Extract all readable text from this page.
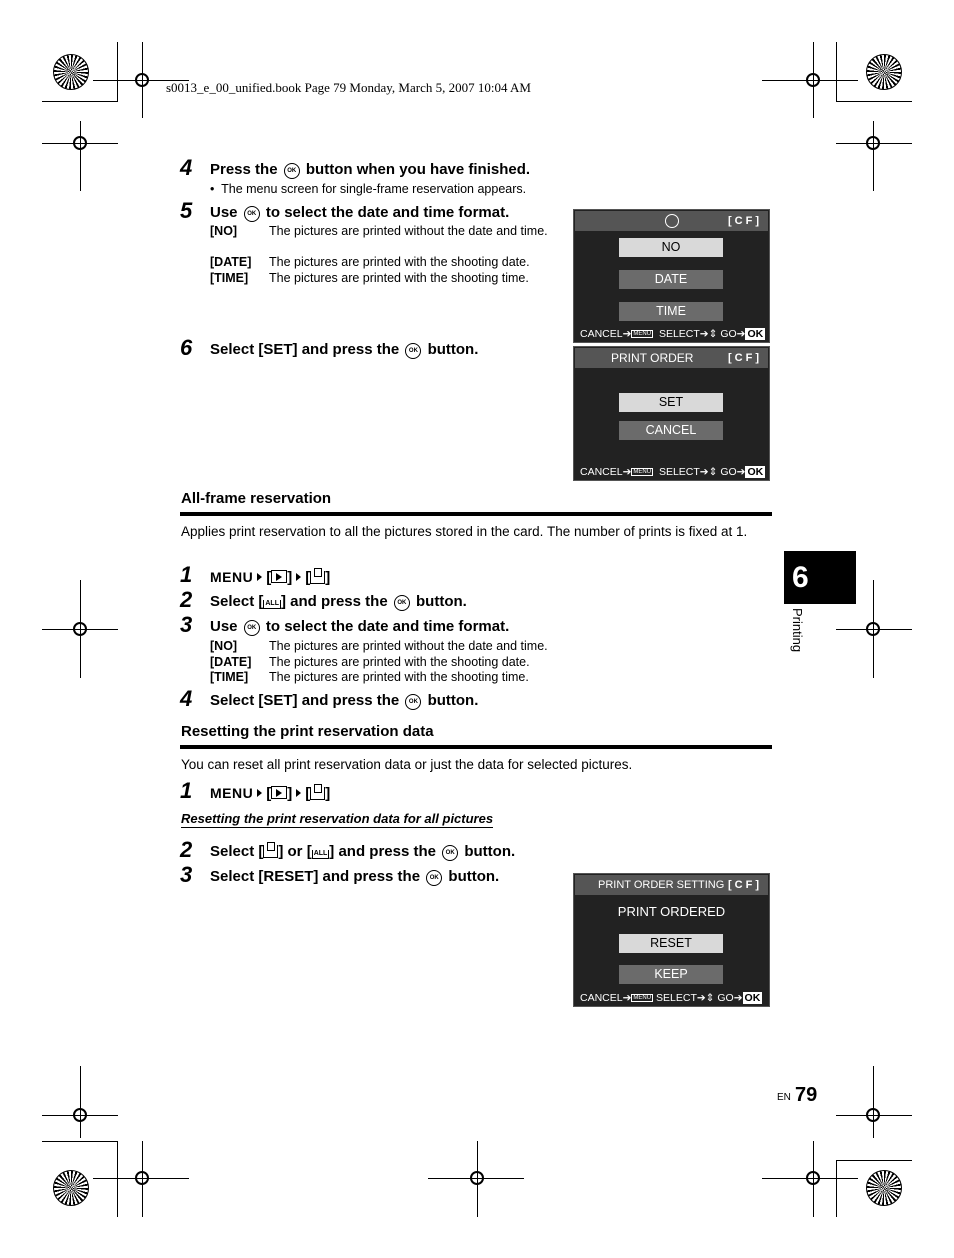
s0013_e_00_unified.book Page 79 Monday, March 5, 2007 10:04 AM
4 Press the OK button when you have finished.
• The menu screen for single-frame reservation appears.
5 Use OK to select the date and time format.
[NO]	The pictures are printed without the date and time.
[DATE] The pictures are printed with the shooting date.
[TIME] The pictures are printed with the shooting time.
[CF]
NO
DATE
TIME
CANCEL➔ MENU SELECT➔⇕ GO➔ OK
6 Select [SET] and press the OK button.	PRINT ORDER	[CF]
SET
CANCEL
CANCEL➔ MENU SELECT➔⇕ GO➔ OK
All-frame reservation
Applies print reservation to all the pictures stored in the card. The number of prints is fixed at 1.
1 MENU [ ] [ ]
2 Select [ ALL ] and press the OK button.
3 Use OK to select the date and time format.
[NO]	The pictures are printed without the date and time.
[DATE] The pictures are printed with the shooting date.
[TIME] The pictures are printed with the shooting time.
4 Select [SET] and press the OK button.
Resetting the print reservation data
You can reset all print reservation data or just the data for selected pictures.
1 MENU [ ] [ ]
Resetting the print reservation data for all pictures
2 Select [ ] or [ ALL ] and press the OK button.
3 Select [RESET] and press the OK button.	PRINT ORDER SETTING [CF]
PRINT ORDERED
RESET
KEEP
CANCEL➔ MENU SELECT➔⇕ GO➔ OK
6
Printing
EN 79
